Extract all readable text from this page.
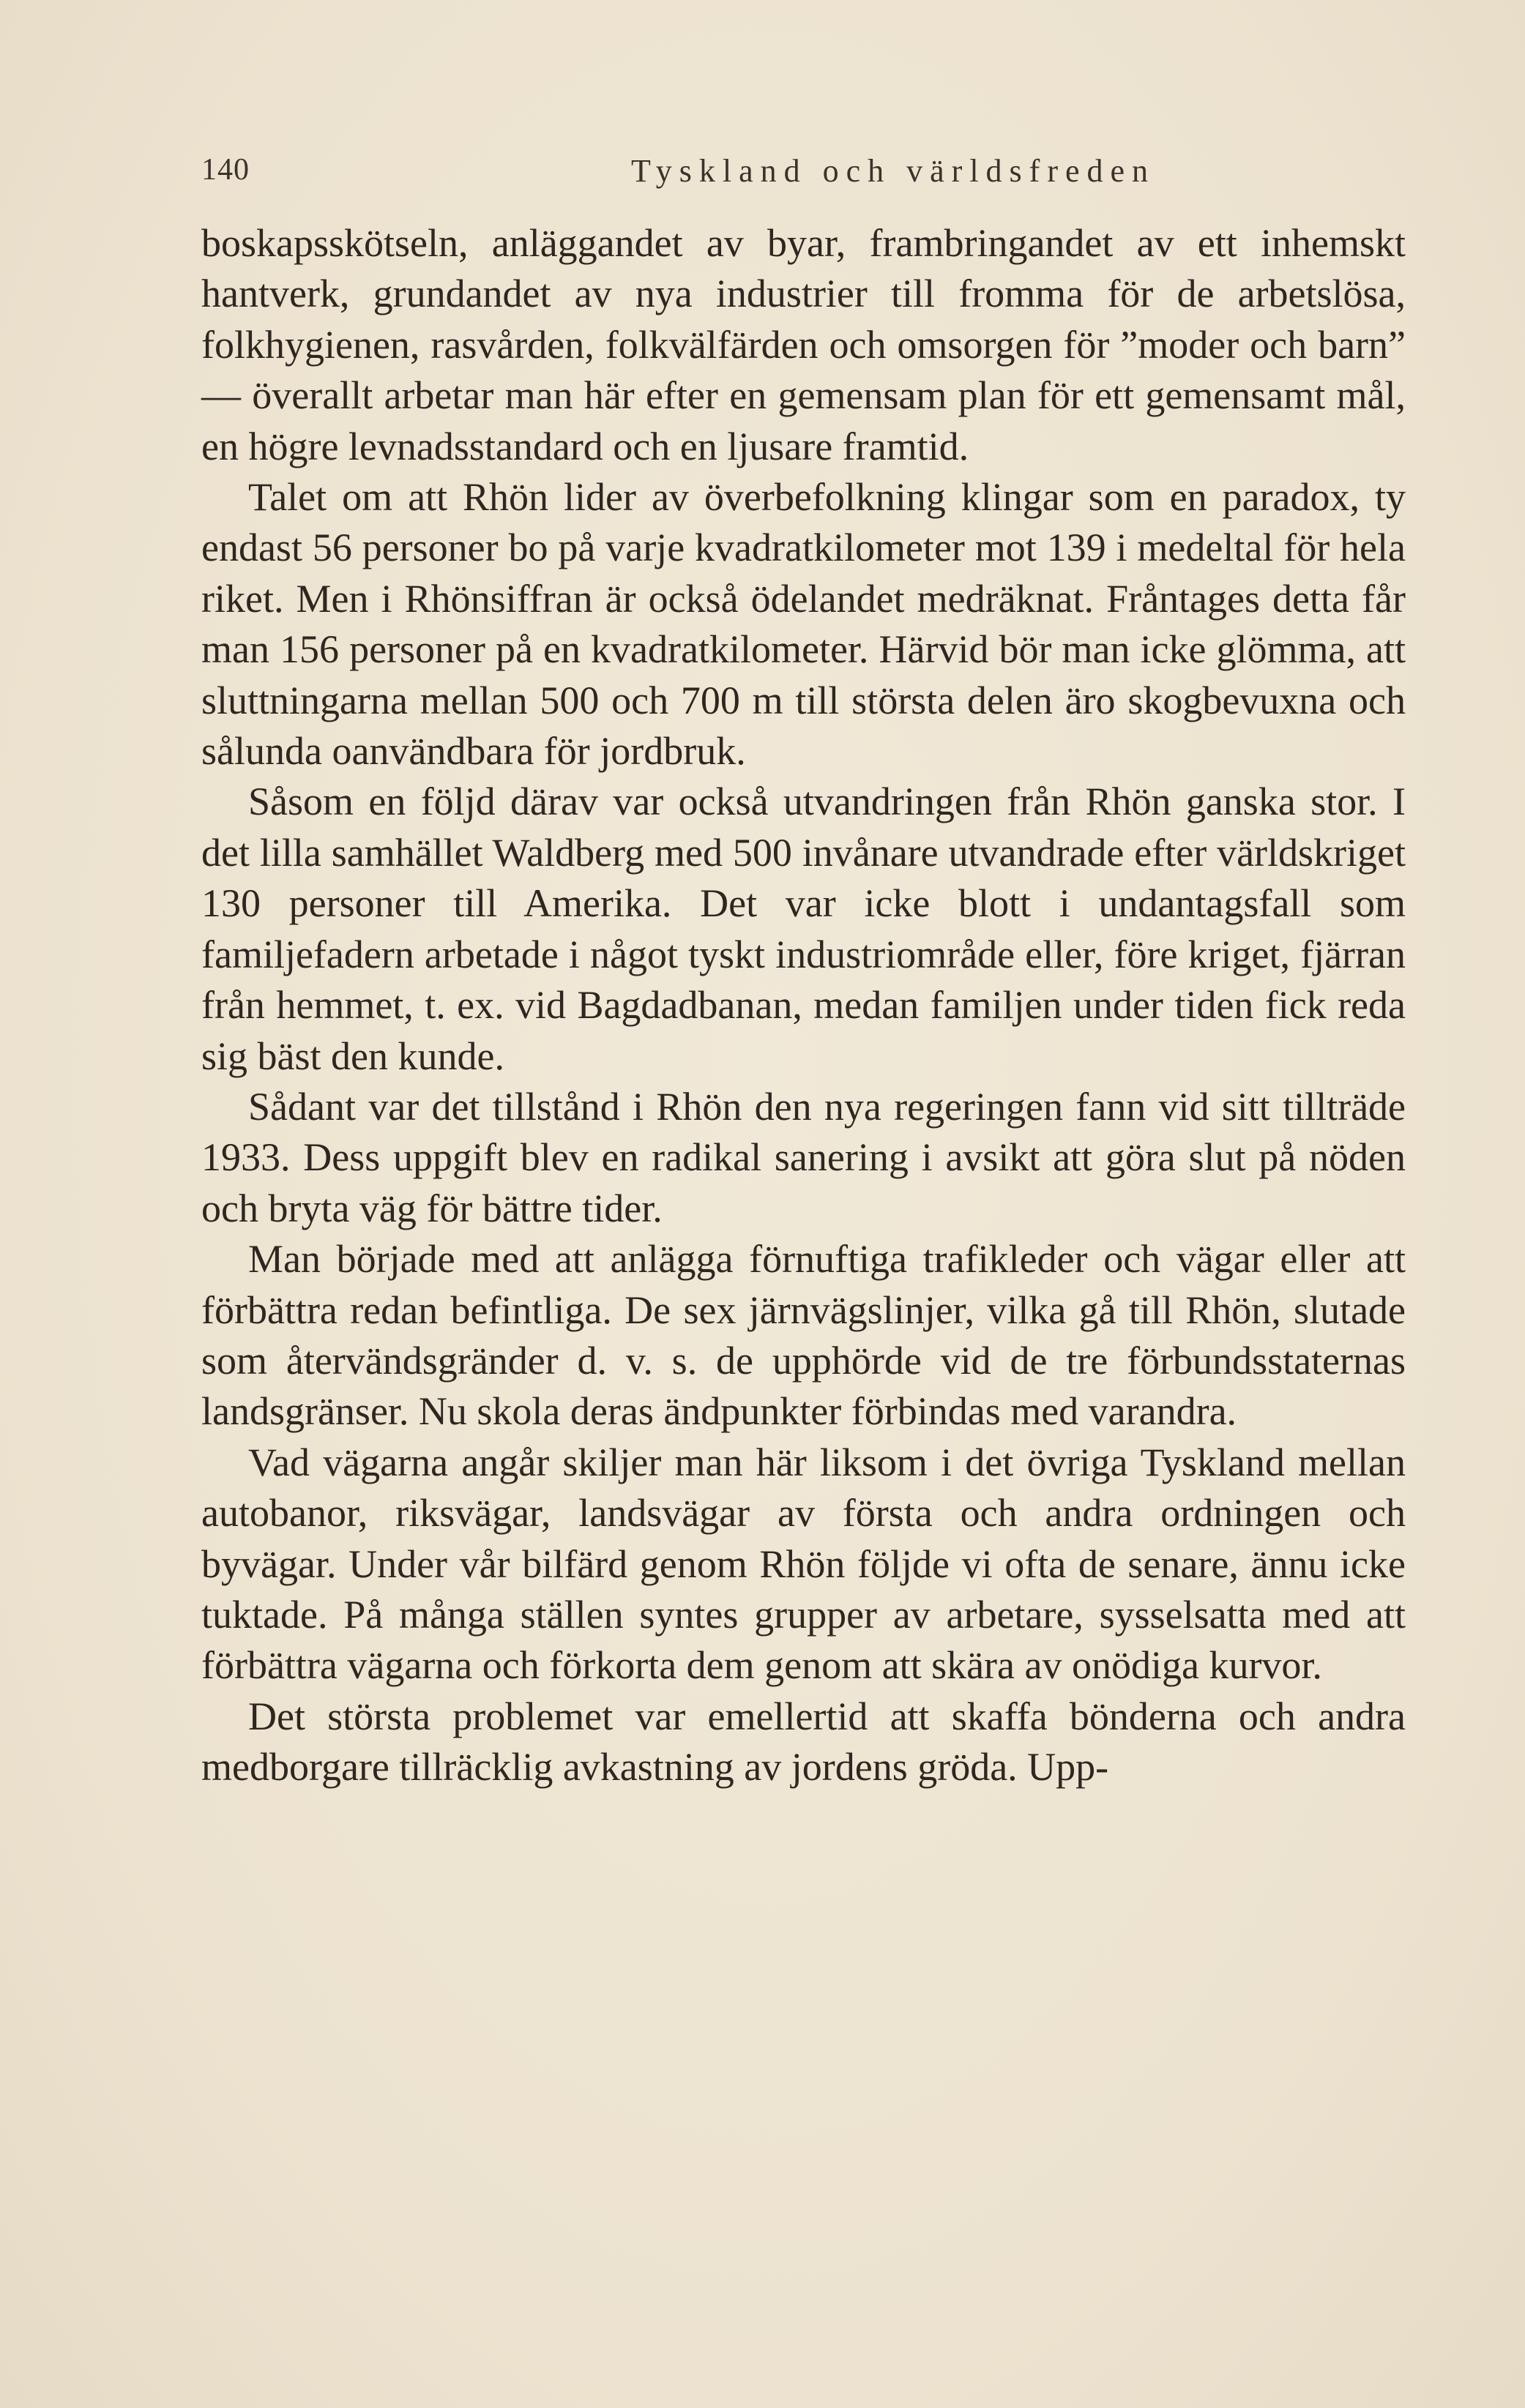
140	Tyskland och världsfreden

boskapsskötseln, anläggandet av byar, frambringandet av ett inhemskt hantverk, grundandet av nya industrier till fromma för de arbetslösa, folkhygienen, rasvården, folkvälfärden och omsorgen för ”moder och barn” — överallt arbetar man här efter en gemensam plan för ett gemensamt mål, en högre levnadsstandard och en ljusare framtid.

Talet om att Rhön lider av överbefolkning klingar som en paradox, ty endast 56 personer bo på varje kvadratkilometer mot 139 i medeltal för hela riket. Men i Rhönsiffran är också ödelandet medräknat. Fråntages detta får man 156 personer på en kvadratkilometer. Härvid bör man icke glömma, att sluttningarna mellan 500 och 700 m till största delen äro skogbevuxna och sålunda oanvändbara för jordbruk.

Såsom en följd därav var också utvandringen från Rhön ganska stor. I det lilla samhället Waldberg med 500 invånare utvandrade efter världskriget 130 personer till Amerika. Det var icke blott i undantagsfall som familjefadern arbetade i något tyskt industriområde eller, före kriget, fjärran från hemmet, t. ex. vid Bagdadbanan, medan familjen under tiden fick reda sig bäst den kunde.

Sådant var det tillstånd i Rhön den nya regeringen fann vid sitt tillträde 1933. Dess uppgift blev en radikal sanering i avsikt att göra slut på nöden och bryta väg för bättre tider.

Man började med att anlägga förnuftiga trafikleder och vägar eller att förbättra redan befintliga. De sex järnvägslinjer, vilka gå till Rhön, slutade som återvändsgränder d. v. s. de upphörde vid de tre förbundsstaternas landsgränser. Nu skola deras ändpunkter förbindas med varandra.

Vad vägarna angår skiljer man här liksom i det övriga Tyskland mellan autobanor, riksvägar, landsvägar av första och andra ordningen och byvägar. Under vår bilfärd genom Rhön följde vi ofta de senare, ännu icke tuktade. På många ställen syntes grupper av arbetare, sysselsatta med att förbättra vägarna och förkorta dem genom att skära av onödiga kurvor.

Det största problemet var emellertid att skaffa bönderna och andra medborgare tillräcklig avkastning av jordens gröda. Upp-
